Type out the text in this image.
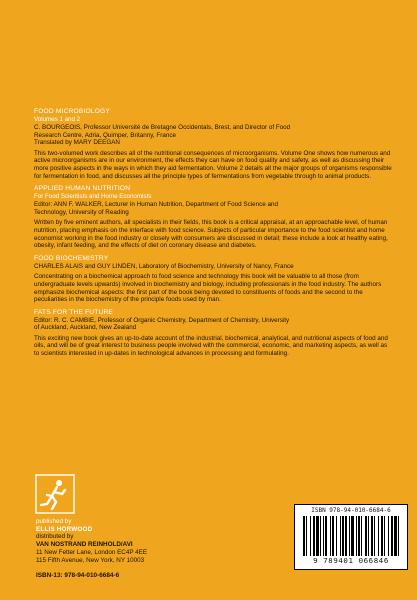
FOOD MICROBIOLOGY
Volumes 1 and 2
C. BOURGEOIS, Professor Université de Bretagne Occidentals, Brest, and Director of Food
Research Centre, Adria, Quimper, Britanny, France
Translated by MARY DEEGAN
This two-volumed work describes all of the nutritional consequences of microorganisms. Volume One shows how numerous and active microorganisms are in our environment, the effects they can have on food quality and safety, as well as discussing their more positive aspects in the ways in which they aid fermentation. Volume 2 details all the major groups of organisms responsible for fermentation in food, and discusses all the principle types of fermentations from vegetable through to animal products.
APPLIED HUMAN NUTRITION
For Food Scientists and Home Economists
Editor: ANN F. WALKER, Lecturer in Human Nutrition, Department of Food Science and
Technology, University of Reading
Written by five eminent authors, all specialists in their fields, this book is a critical appraisal, at an approachable level, of human nutrition, placing emphasis on the interface with food science. Subjects of particular importance to the food scientist and home economist working in the food industry or closely with consumers are discussed in detail; these include a look at healthy eating, obesity, infant feeding, and the effects of diet on coronary disease and diabetes.
FOOD BIOCHEMISTRY
CHARLES ALAIS and GUY LINDEN, Laboratory of Biochemistry, University of Nancy, France
Concentrating on a biochemical approach to food science and technology this book will be valuable to all those (from undergraduate levels upwards) involved in biochemistry and biology, including professionals in the food industry. The authors emphasize biochemical aspects: the first part of the book being devoted to constituents of foods and the second to the peculiarities in the biochemistry of the principle foods used by man.
FATS FOR THE FUTURE
Editor: R. C. CAMBIE, Professor of Organic Chemistry, Department of Chemistry, University
of Auckland, Auckland, New Zealand
This exciting new book gives an up-to-date account of the industrial, biochemical, analytical, and nutritional aspects of food and oils, and will be of great interest to business people involved with the commercial, economic, and marketing aspects, as well as to scientists interested in up-dates in technological advances in processing and formulating.
published by
ELLIS HORWOOD
distributed by
VAN NOSTRAND REINHOLD/AVI
11 New Fetter Lane, London EC4P 4EE
115 Fifth Avenue, New York, NY 10003
ISBN-13: 978-94-010-6684-6
ISBN 978-94-010-6684-6
9 789401 066846
